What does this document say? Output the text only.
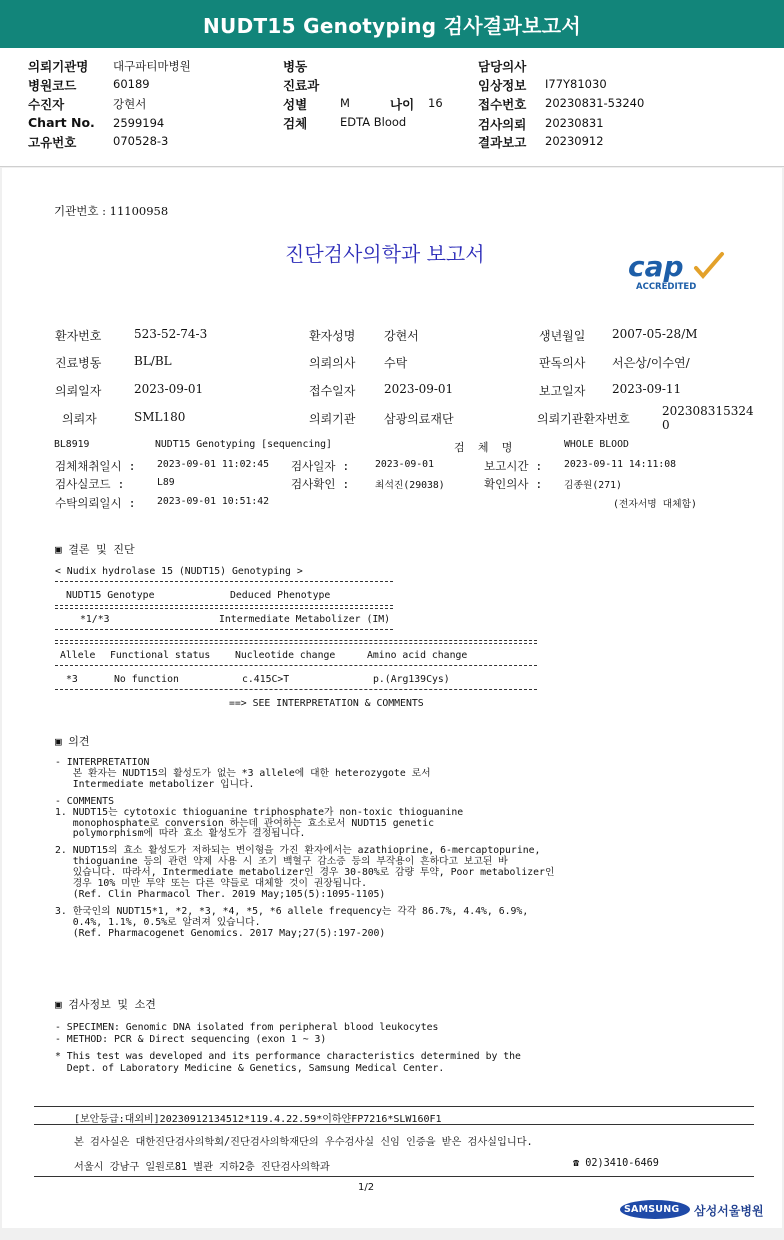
NUDT15 Genotyping 검사결과보고서
의뢰기관명 대구파티마병원
병원코드	60189
수진자	강현서
Chart No. 2599194
고유번호	070528-3
병동
진료과
성별	M	나이 16
검체	EDTA Blood
담당의사
임상정보 I77Y81030
접수번호 20230831-53240
검사의뢰 20230831
결과보고 20230912
기관번호 : 11100958
진단검사의학과 보고서	cap
ACCREDITED
환자번호	523-52-74-3	환자성명 강현서	생년월일 2007-05-28/M
진료병동	BL/BL	의뢰의사 수탁	판독의사 서은상/이수연/
의뢰일자	2023-09-01	접수일자 2023-09-01	보고일자 2023-09-11
의뢰자	SML180	의뢰기관 삼광의료재단	의뢰기관환자번호
202308315324
0
BL8919	NUDT15 Genotyping [sequencing]	검  체  명	WHOLE BLOOD
검체채취일시 : 2023-09-01 11:02:45 검사일자 :	2023-09-01	보고시간 : 2023-09-11 14:11:08
검사실코드 :	L89	검사확인 :	최석진(29038)	확인의사 : 김종원(271)
수탁의뢰일시 : 2023-09-01 10:51:42	(전자서명 대체함)
▣ 결론 및 진단
< Nudix hydrolase 15 (NUDT15) Genotyping >
NUDT15 Genotype	Deduced Phenotype
*1/*3	Intermediate Metabolizer (IM)
Allele Functional status	Nucleotide change	Amino acid change
*3	No function	c.415C>T	p.(Arg139Cys)
==> SEE INTERPRETATION & COMMENTS
▣ 의견
- INTERPRETATION
본 환자는 NUDT15의 활성도가 없는 *3 allele에 대한 heterozygote 로서
Intermediate metabolizer 입니다.
- COMMENTS
1. NUDT15는 cytotoxic thioguanine triphosphate가 non-toxic thioguanine
monophosphate로 conversion 하는데 관여하는 효소로서 NUDT15 genetic
polymorphism에 따라 효소 활성도가 결정됩니다.
2. NUDT15의 효소 활성도가 저하되는 변이형을 가진 환자에서는 azathioprine, 6-mercaptopurine,
thioguanine 등의 관련 약제 사용 시 조기 백혈구 감소증 등의 부작용이 흔하다고 보고된 바
있습니다. 따라서, Intermediate metabolizer인 경우 30-80%로 감량 투약, Poor metabolizer인
경우 10% 미만 투약 또는 다른 약들로 대체할 것이 권장됩니다.
(Ref. Clin Pharmacol Ther. 2019 May;105(5):1095-1105)
3. 한국인의 NUDT15*1, *2, *3, *4, *5, *6 allele frequency는 각각 86.7%, 4.4%, 6.9%,
0.4%, 1.1%, 0.5%로 알려져 있습니다.
(Ref. Pharmacogenet Genomics. 2017 May;27(5):197-200)
▣ 검사정보 및 소견
- SPECIMEN: Genomic DNA isolated from peripheral blood leukocytes
- METHOD: PCR & Direct sequencing (exon 1 ~ 3)
* This test was developed and its performance characteristics determined by the
Dept. of Laboratory Medicine & Genetics, Samsung Medical Center.
[보안등급:대외비]20230912134512*119.4.22.59*이하얀FP7216*SLW160F1
본 검사실은 대한진단검사의학회/진단검사의학재단의 우수검사실 신임 인증을 받은 검사실입니다.
서울시 강남구 일원로81 별관 지하2층 진단검사의학과	☎ 02)3410-6469
1/2
SAMSUNG 삼성서울병원
